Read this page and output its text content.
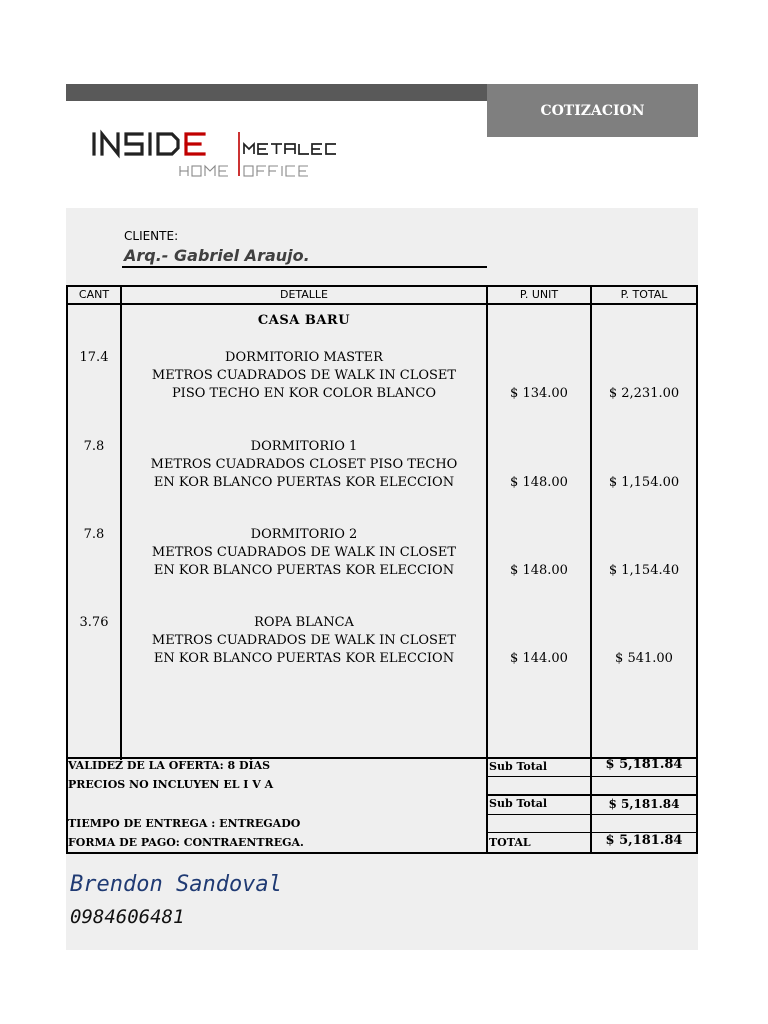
COTIZACION
CLIENTE:
Arq.- Gabriel Araujo.
CANT	DETALLE	P. UNIT	P. TOTAL
CASA BARU
17.4	DORMITORIO MASTER
METROS CUADRADOS DE WALK IN CLOSET
PISO TECHO EN KOR COLOR BLANCO	$ 134.00	$ 2,231.00
7.8	DORMITORIO 1
METROS CUADRADOS CLOSET PISO TECHO
EN KOR BLANCO PUERTAS KOR ELECCION	$ 148.00	$ 1,154.00
7.8	DORMITORIO 2
METROS CUADRADOS DE WALK IN CLOSET
EN KOR BLANCO PUERTAS KOR ELECCION	$ 148.00	$ 1,154.40
3.76	ROPA BLANCA
METROS CUADRADOS DE WALK IN CLOSET
EN KOR BLANCO PUERTAS KOR ELECCION	$ 144.00	$ 541.00
VALIDEZ DE LA OFERTA: 8 DÍAS
PRECIOS NO INCLUYEN EL I V A
TIEMPO DE ENTREGA : ENTREGADO
FORMA DE PAGO: CONTRAENTREGA.
Sub Total	$ 5,181.84
Sub Total	$ 5,181.84
TOTAL	$ 5,181.84
Brendon Sandoval
0984606481
